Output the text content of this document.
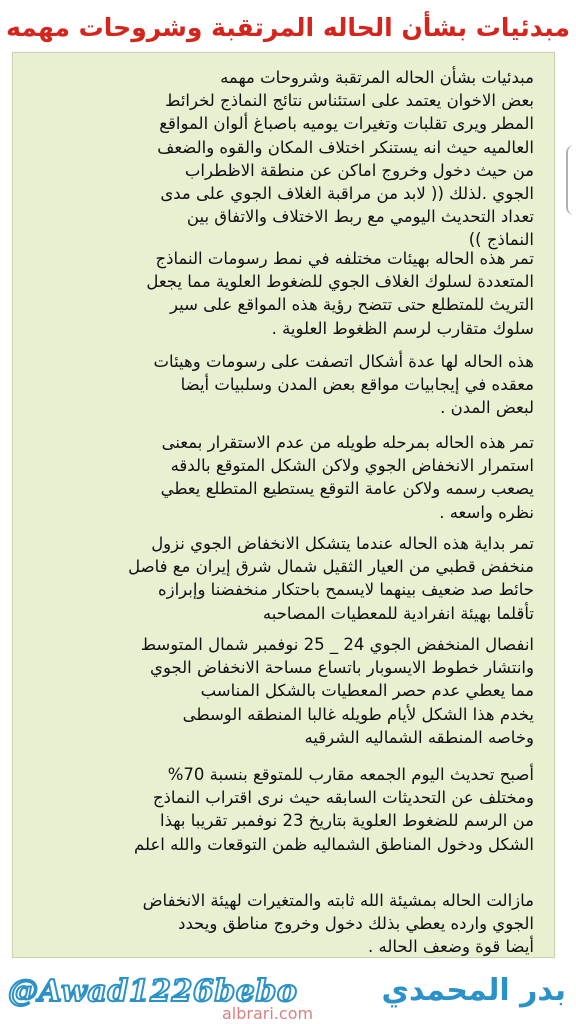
مبدئيات بشأن الحاله المرتقبة وشروحات مهمه

مبدئيات بشأن الحاله المرتقبة وشروحات مهمه
بعض الاخوان يعتمد على استئناس نتائج النماذج لخرائط
المطر ويرى تقلبات وتغيرات يوميه باصباغ ألوان المواقع
العالميه حيث انه يستنكر اختلاف المكان والقوه والضعف
من حيث دخول وخروج اماكن عن منطقة الاظطراب
الجوي .لذلك (( لابد من مراقبة الغلاف الجوي على مدى
تعداد التحديث اليومي مع ربط الاختلاف والاتفاق بين
النماذج ))

تمر هذه الحاله بهيئات مختلفه في نمط رسومات النماذج
المتعددة لسلوك الغلاف الجوي للضغوط العلوية مما يجعل
التريث للمتطلع حتى تتضح رؤية هذه المواقع على سير
سلوك متقارب لرسم الظغوط العلوية .

هذه الحاله لها عدة أشكال اتصفت على رسومات وهيئات
معقده في إيجابيات مواقع بعض المدن وسلبيات أيضا
لبعض المدن .

تمر هذه الحاله بمرحله طويله من عدم الاستقرار بمعنى
استمرار الانخفاض الجوي ولاكن الشكل المتوقع بالدقه
يصعب رسمه ولاكن عامة التوقع يستطيع المتطلع يعطي
نظره واسعه .

تمر بداية هذه الحاله عندما يتشكل الانخفاض الجوي نزول
منخفض قطبي من العيار الثقيل شمال شرق إيران مع فاصل
حائط صد ضعيف بينهما لايسمح باحتكار منخفضنا وإبرازه
تأقلما بهيئة انفرادية للمعطيات المصاحبه

انفصال المنخفض الجوي 24 _ 25 نوفمبر شمال المتوسط
وانتشار خطوط الايسوبار باتساع مساحة الانخفاض الجوي
مما يعطي عدم حصر المعطيات بالشكل المناسب
يخدم هذا الشكل لأيام طويله غالبا المنطقه الوسطى
وخاصه المنطقه الشماليه الشرقيه

أصبح تحديث اليوم الجمعه مقارب للمتوقع بنسبة 70%
ومختلف عن التحديثات السابقه حيث نرى اقتراب النماذج
من الرسم للضغوط العلوية بتاريخ 23 نوفمبر تقريبا بهذا
الشكل ودخول المناطق الشماليه ظمن التوقعات والله اعلم

مازالت الحاله بمشيئة الله ثابته والمتغيرات لهيئة الانخفاض
الجوي وارده يعطي بذلك دخول وخروج مناطق ويحدد
أيضا قوة وضعف الحاله .

@Awad1226bebo	بدر المحمدي
albrari.com
